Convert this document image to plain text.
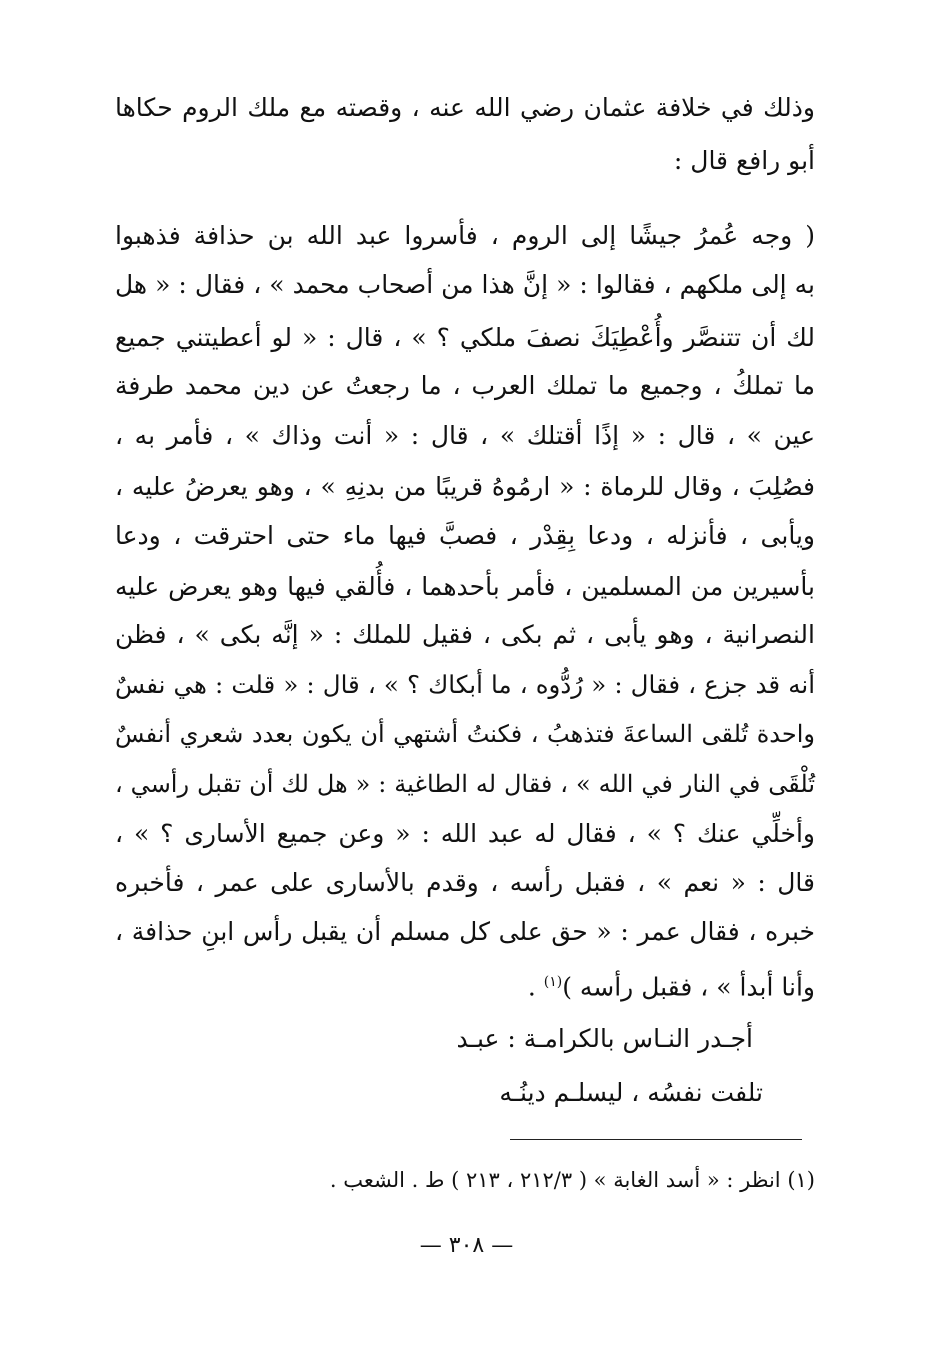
وذلك في خلافة عثمان رضي الله عنه ، وقصته مع ملك الروم حكاها
أبو رافع قال :
( وجه عُمرُ جيشًا إلى الروم ، فأسروا عبد الله بن حذافة فذهبوا
به إلى ملكهم ، فقالوا : « إنَّ هذا من أصحاب محمد » ، فقال : « هل
لك أن تتنصَّر وأُعْطِيَكَ نصفَ ملكي ؟ » ، قال : « لو أعطيتني جميع
ما تملكُ ، وجميع ما تملك العرب ، ما رجعتُ عن دين محمد طرفة
عين » ، قال : « إذًا أقتلك » ، قال : « أنت وذاك » ، فأمر به ،
فصُلِبَ ، وقال للرماة : « ارمُوهُ قريبًا من بدنِهِ » ، وهو يعرضُ عليه ،
ويأبى ، فأنزله ، ودعا بِقِدْر ، فصبَّ فيها ماء حتى احترقت ، ودعا
بأسيرين من المسلمين ، فأمر بأحدهما ، فأُلقي فيها وهو يعرض عليه
النصرانية ، وهو يأبى ، ثم بكى ، فقيل للملك : « إنَّه بكى » ، فظن
أنه قد جزع ، فقال : « رُدُّوه ، ما أبكاك ؟ » ، قال : « قلت : هي نفسٌ
واحدة تُلقى الساعةَ فتذهبُ ، فكنتُ أشتهي أن يكون بعدد شعري أنفسٌ
تُلْقَى في النار في الله » ، فقال له الطاغية : « هل لك أن تقبل رأسي ،
وأخلِّي عنك ؟ » ، فقال له عبد الله : « وعن جميع الأسارى ؟ » ،
قال : « نعم » ، فقبل رأسه ، وقدم بالأسارى على عمر ، فأخبره
خبره ، فقال عمر : « حق على كل مسلم أن يقبل رأس ابنِ حذافة ،
وأنا أبدأ » ، فقبل رأسه )$^{(١)}$ .
أجـدر النـاس بالكرامـة : عبـد
تلفت نفسُه ، ليسلـم دينُـه
(١) انظر : « أسد الغابة » ( ٢١٢/٣ ، ٢١٣ ) ط . الشعب .
— ٣٠٨ —
